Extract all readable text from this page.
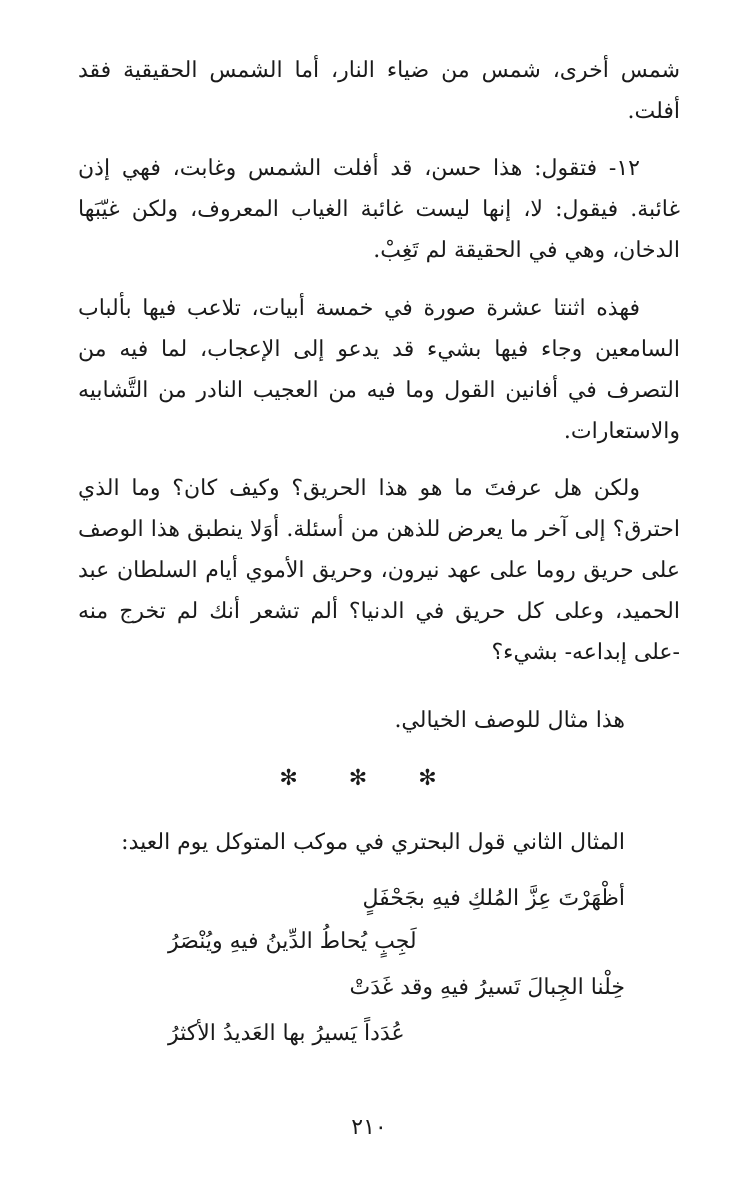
شمس أخرى، شمس من ضياء النار، أما الشمس الحقيقية فقد أفلت.

١٢- فتقول: هذا حسن، قد أفلت الشمس وغابت، فهي إذن غائبة. فيقول: لا، إنها ليست غائبة الغياب المعروف، ولكن غيّبَها الدخان، وهي في الحقيقة لم تَغِبْ.

فهذه اثنتا عشرة صورة في خمسة أبيات، تلاعب فيها بألباب السامعين وجاء فيها بشيء قد يدعو إلى الإعجاب، لما فيه من التصرف في أفانين القول وما فيه من العجيب النادر من التَّشابيه والاستعارات.

ولكن هل عرفتَ ما هو هذا الحريق؟ وكيف كان؟ وما الذي احترق؟ إلى آخر ما يعرض للذهن من أسئلة. أوَلا ينطبق هذا الوصف على حريق روما على عهد نيرون، وحريق الأموي أيام السلطان عبد الحميد، وعلى كل حريق في الدنيا؟ ألم تشعر أنك لم تخرج منه -على إبداعه- بشيء؟

هذا مثال للوصف الخيالي.

✻ ✻ ✻

المثال الثاني قول البحتري في موكب المتوكل يوم العيد:

أظْهَرْتَ عِزَّ المُلكِ فيهِ بجَحْفَلٍ
لَجِبٍ يُحاطُ الدِّينُ فيهِ ويُنْصَرُ
خِلْنا الجِبالَ تَسيرُ فيهِ وقد غَدَتْ
عُدَداً يَسيرُ بها العَديدُ الأكثرُ
٢١٠
